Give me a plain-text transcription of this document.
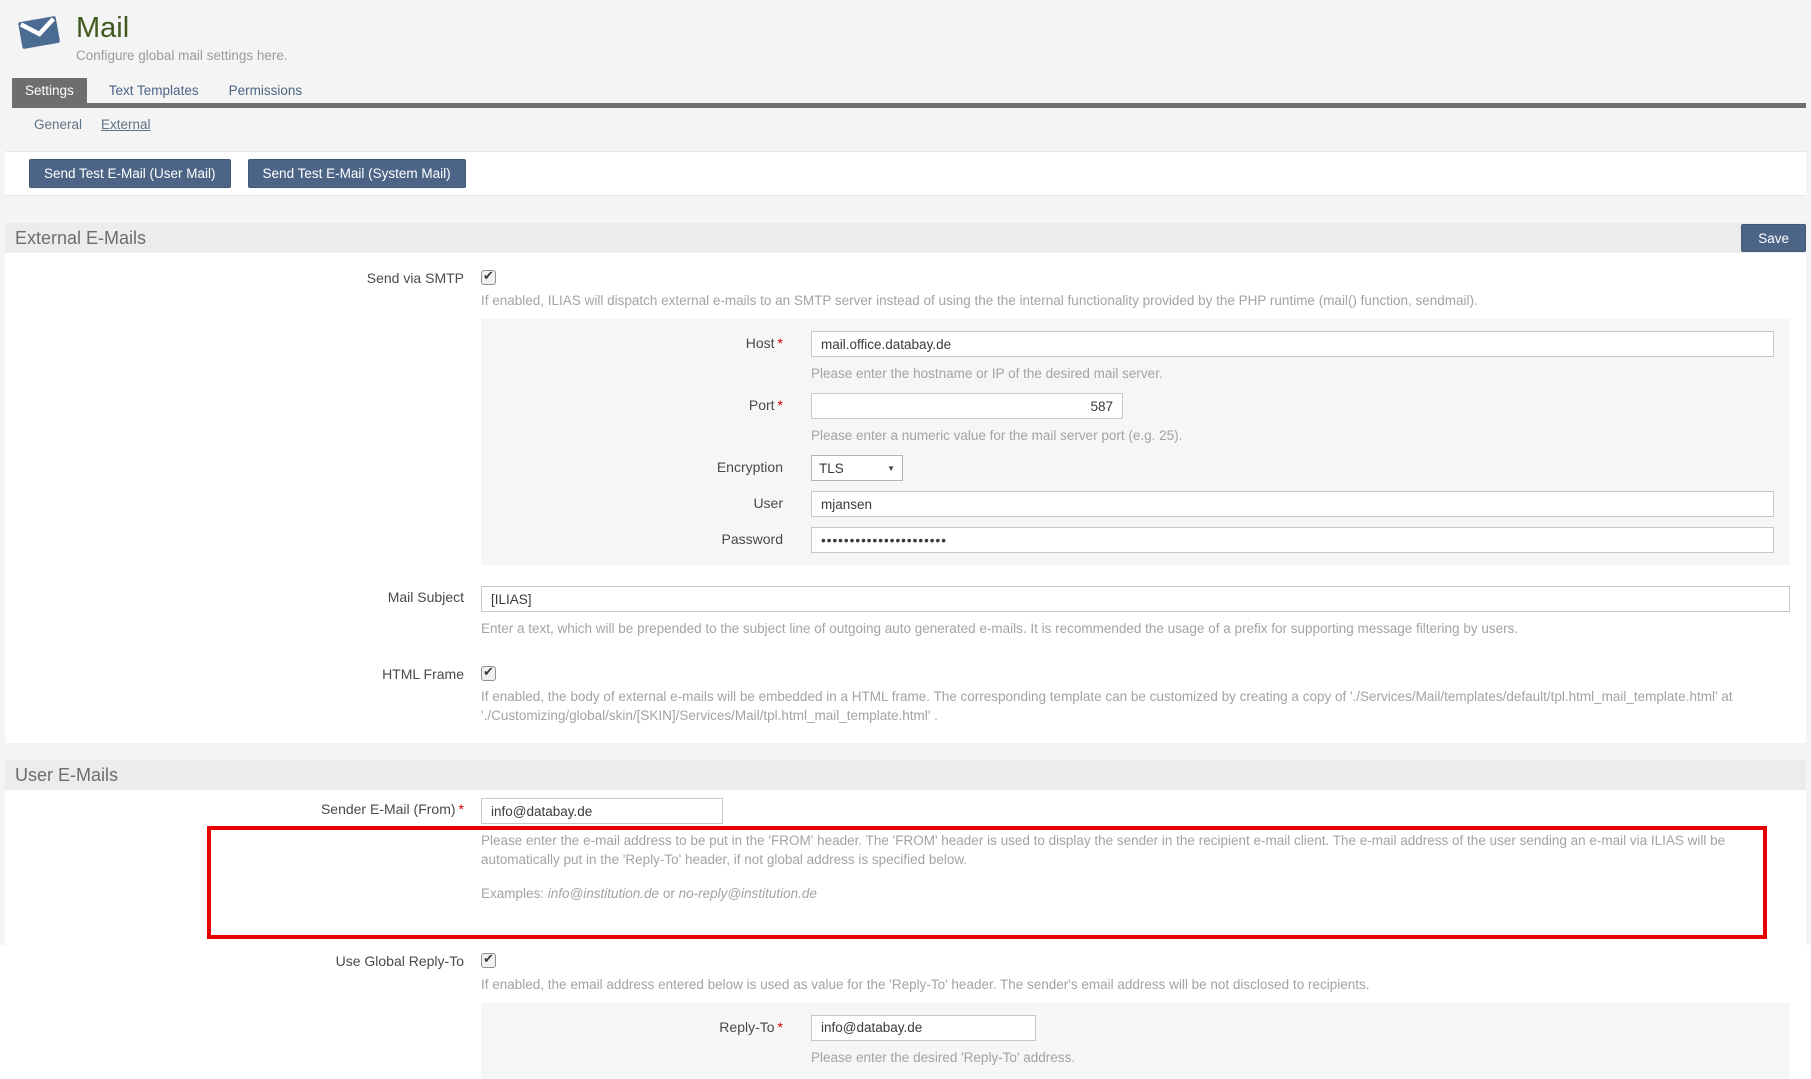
Mail
Configure global mail settings here.
Settings	Text Templates Permissions
General External
Send Test E-Mail (User Mail)	Send Test E-Mail (System Mail)
External E-Mails	Save
Send via SMTP	✔
If enabled, ILIAS will dispatch external e-mails to an SMTP server instead of using the the internal functionality provided by the PHP runtime (mail() function, sendmail).
Host *
mail.office.databay.de
Please enter the hostname or IP of the desired mail server.
Port *
587
Please enter a numeric value for the mail server port (e.g. 25).
Encryption	TLS	▼
User
mjansen
Password
••••••••••••••••••••••
Mail Subject
[ILIAS]
Enter a text, which will be prepended to the subject line of outgoing auto generated e-mails. It is recommended the usage of a prefix for supporting message filtering by users.
HTML Frame	✔
If enabled, the body of external e-mails will be embedded in a HTML frame. The corresponding template can be customized by creating a copy of './Services/Mail/templates/default/tpl.html_mail_template.html' at
'./Customizing/global/skin/[SKIN]/Services/Mail/tpl.html_mail_template.html' .
User E-Mails
Sender E-Mail (From) *
info@databay.de
Please enter the e-mail address to be put in the 'FROM' header. The 'FROM' header is used to display the sender in the recipient e-mail client. The e-mail address of the user sending an e-mail via ILIAS will be automatically put in the 'Reply-To' header, if not global address is specified below.
Examples: info@institution.de or no-reply@institution.de
Use Global Reply-To	✔
If enabled, the email address entered below is used as value for the 'Reply-To' header. The sender's email address will be not disclosed to recipients.
Reply-To *
info@databay.de
Please enter the desired 'Reply-To' address.
